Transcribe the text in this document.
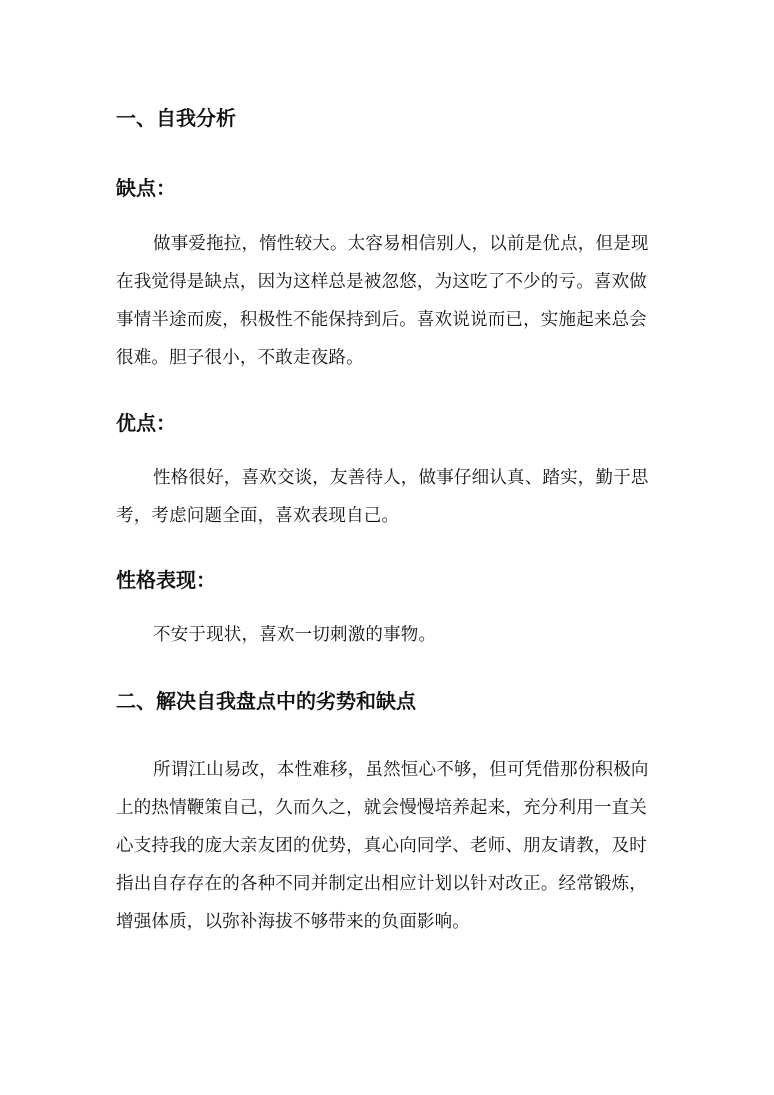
一、自我分析
缺点：

做事爱拖拉，惰性较大。太容易相信别人，以前是优点，但是现在我觉得是缺点，因为这样总是被忽悠，为这吃了不少的亏。喜欢做事情半途而废，积极性不能保持到后。喜欢说说而已，实施起来总会很难。胆子很小，不敢走夜路。

优点：

性格很好，喜欢交谈，友善待人，做事仔细认真、踏实，勤于思考，考虑问题全面，喜欢表现自己。

性格表现：

不安于现状，喜欢一切刺激的事物。

二、解决自我盘点中的劣势和缺点

所谓江山易改，本性难移，虽然恒心不够，但可凭借那份积极向上的热情鞭策自己，久而久之，就会慢慢培养起来，充分利用一直关心支持我的庞大亲友团的优势，真心向同学、老师、朋友请教，及时指出自存存在的各种不同并制定出相应计划以针对改正。经常锻炼，增强体质，以弥补海拔不够带来的负面影响。
